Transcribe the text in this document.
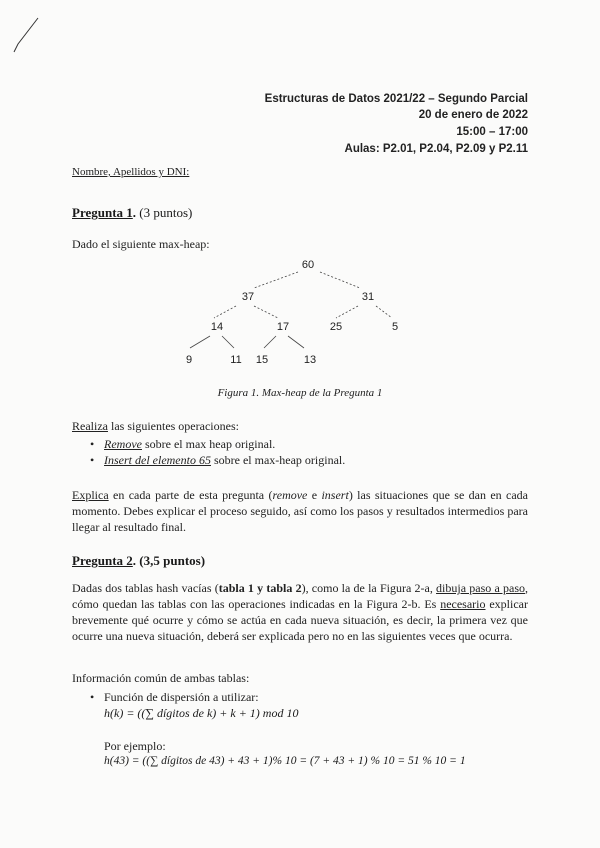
Estructuras de Datos 2021/22 – Segundo Parcial
20 de enero de 2022
15:00 – 17:00
Aulas: P2.01, P2.04, P2.09 y P2.11
Nombre, Apellidos y DNI:
Pregunta 1. (3 puntos)
Dado el siguiente max-heap:
60
37	31
14	17	25	5
9	11 15	13
Figura 1. Max-heap de la Pregunta 1
Realiza las siguientes operaciones:
• Remove sobre el max heap original.
• Insert del elemento 65 sobre el max-heap original.
Explica en cada parte de esta pregunta (remove e insert) las situaciones que se dan en cada momento. Debes explicar el proceso seguido, así como los pasos y resultados intermedios para llegar al resultado final.
Pregunta 2. (3,5 puntos)
Dadas dos tablas hash vacías (tabla 1 y tabla 2), como la de la Figura 2-a, dibuja paso a paso, cómo quedan las tablas con las operaciones indicadas en la Figura 2-b. Es necesario explicar brevemente qué ocurre y cómo se actúa en cada nueva situación, es decir, la primera vez que ocurre una nueva situación, deberá ser explicada pero no en las siguientes veces que ocurra.
Información común de ambas tablas:
• Función de dispersión a utilizar:
h(k) = ((∑ dígitos de k) + k + 1) mod 10
Por ejemplo:
h(43) = ((∑ dígitos de 43) + 43 + 1)% 10 = (7 + 43 + 1) % 10 = 51 % 10 = 1
